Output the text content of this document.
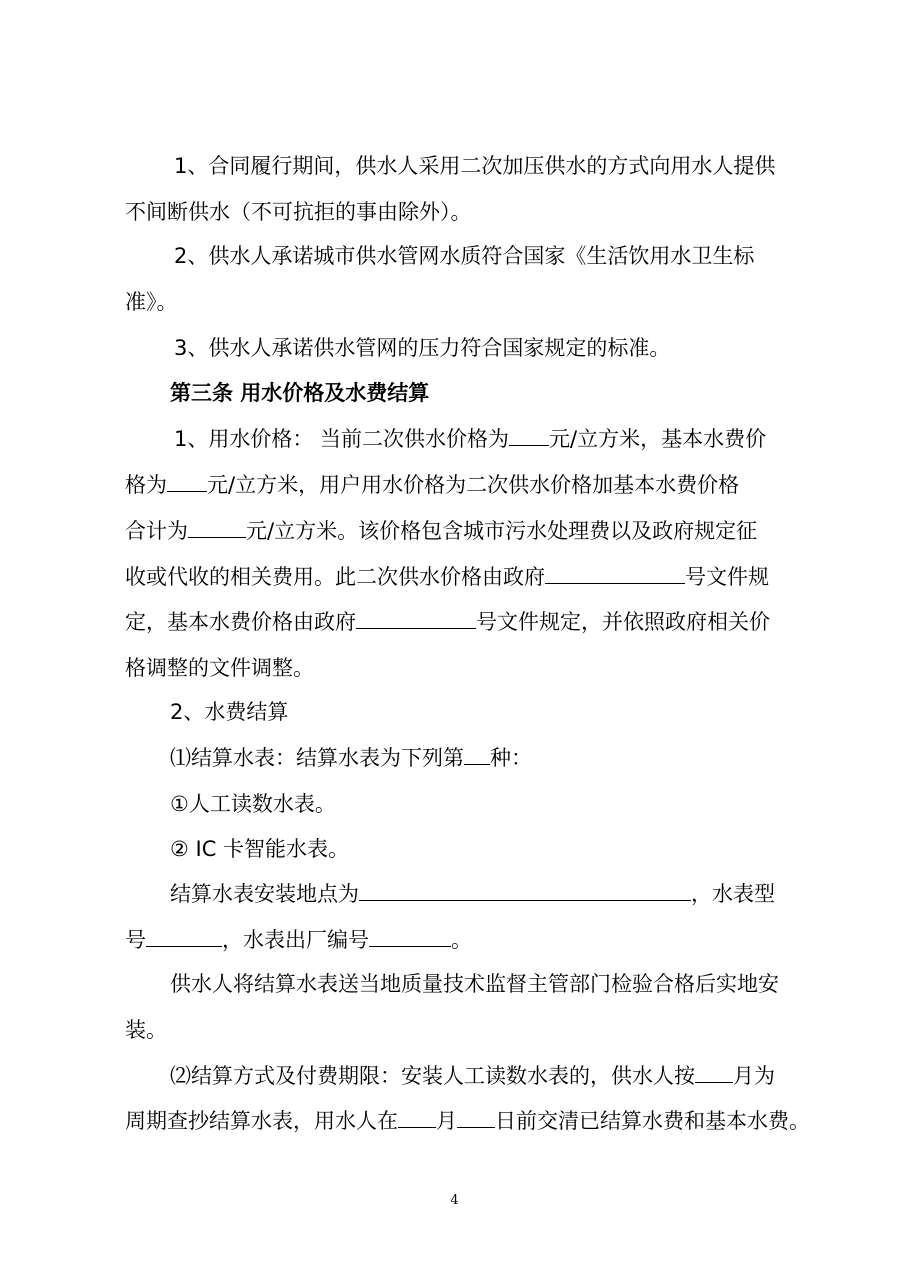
1、合同履行期间，供水人采用二次加压供水的方式向用水人提供
不间断供水（不可抗拒的事由除外）。
2、供水人承诺城市供水管网水质符合国家《生活饮用水卫生标
准》。
3、供水人承诺供水管网的压力符合国家规定的标准。
第三条 用水价格及水费结算
1、用水价格： 当前二次供水价格为 元/立方米，基本水费价
格为 元/立方米，用户用水价格为二次供水价格加基本水费价格
合计为	元/立方米。该价格包含城市污水处理费以及政府规定征
收或代收的相关费用。此二次供水价格由政府	号文件规
定，基本水费价格由政府	号文件规定，并依照政府相关价
格调整的文件调整。
2、水费结算
⑴结算水表：结算水表为下列第 种：
①人工读数水表。
② IC 卡智能水表。
结算水表安装地点为	，水表型
号	，水表出厂编号	。
供水人将结算水表送当地质量技术监督主管部门检验合格后实地安
装。
⑵结算方式及付费期限：安装人工读数水表的，供水人按 月为
周期查抄结算水表，用水人在 月 日前交清已结算水费和基本水费。
4
